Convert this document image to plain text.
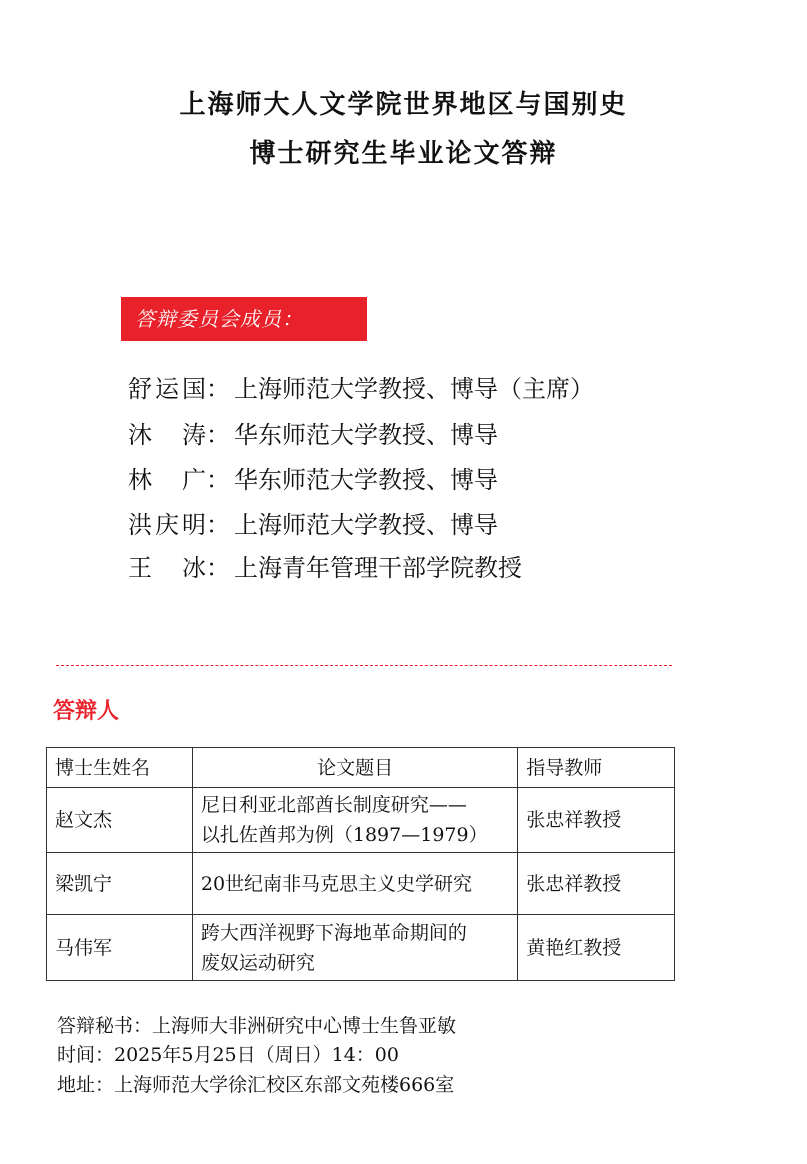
上海师大人文学院世界地区与国别史
博士研究生毕业论文答辩
答辩委员会成员：
舒运国： 上海师范大学教授、博导（主席）
沐涛： 华东师范大学教授、博导
林广： 华东师范大学教授、博导
洪庆明： 上海师范大学教授、博导
王冰： 上海青年管理干部学院教授
答辩人
博士生姓名	论文题目	指导教师
赵文杰	尼日利亚北部酋长制度研究——
以扎佐酋邦为例（1897—1979）	张忠祥教授
梁凯宁	20世纪南非马克思主义史学研究	张忠祥教授
马伟军	跨大西洋视野下海地革命期间的
废奴运动研究	黄艳红教授
答辩秘书：上海师大非洲研究中心博士生鲁亚敏
时间：2025年5月25日（周日）14：00
地址：上海师范大学徐汇校区东部文苑楼666室
